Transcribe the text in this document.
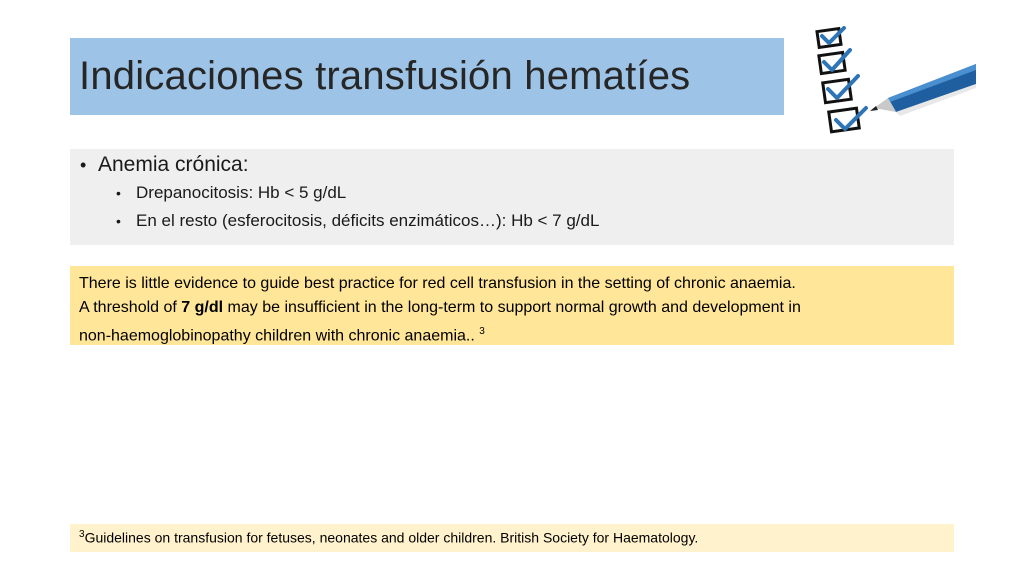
Indicaciones transfusión hematíes
• Anemia crónica:
• Drepanocitosis: Hb < 5 g/dL
• En el resto (esferocitosis, déficits enzimáticos…): Hb < 7 g/dL
There is little evidence to guide best practice for red cell transfusion in the setting of chronic anaemia.
A threshold of 7 g/dl may be insufficient in the long-term to support normal growth and development in
non-haemoglobinopathy children with chronic anaemia.. $^3$
$^3$Guidelines on transfusion for fetuses, neonates and older children. British Society for Haematology.
